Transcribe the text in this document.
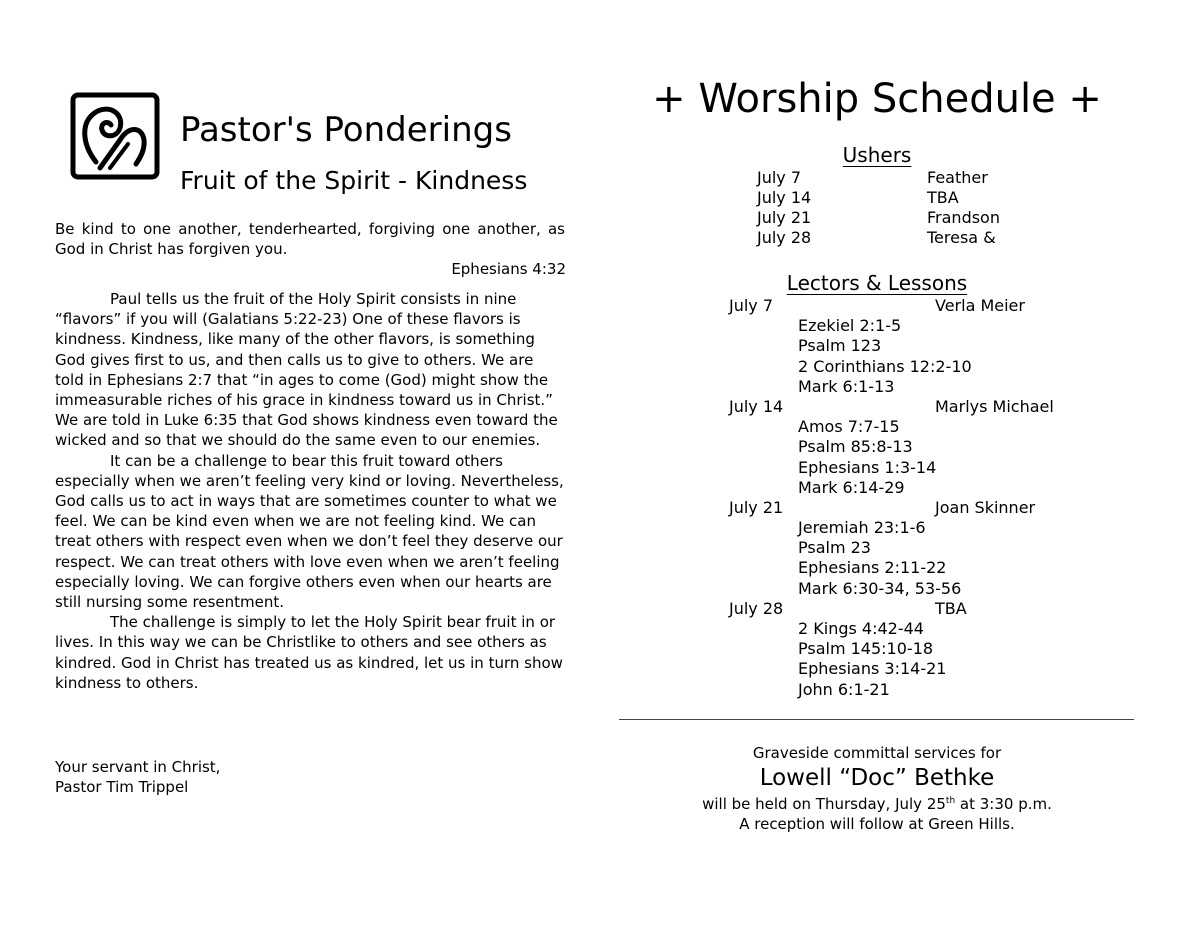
Pastor's Ponderings
Fruit of the Spirit - Kindness
Be kind to one another, tenderhearted, forgiving one another, as God in Christ has forgiven you.
Ephesians 4:32

Paul tells us the fruit of the Holy Spirit consists in nine “flavors” if you will (Galatians 5:22-23) One of these flavors is kindness. Kindness, like many of the other flavors, is something God gives first to us, and then calls us to give to others. We are told in Ephesians 2:7 that “in ages to come (God) might show the immeasurable riches of his grace in kindness toward us in Christ.” We are told in Luke 6:35 that God shows kindness even toward the wicked and so that we should do the same even to our enemies.

It can be a challenge to bear this fruit toward others especially when we aren’t feeling very kind or loving. Nevertheless, God calls us to act in ways that are sometimes counter to what we feel. We can be kind even when we are not feeling kind. We can treat others with respect even when we don’t feel they deserve our respect. We can treat others with love even when we aren’t feeling especially loving. We can forgive others even when our hearts are still nursing some resentment.

The challenge is simply to let the Holy Spirit bear fruit in or lives. In this way we can be Christlike to others and see others as kindred. God in Christ has treated us as kindred, let us in turn show kindness to others.

Your servant in Christ,
Pastor Tim Trippel
+ Worship Schedule +
Ushers
July 7	Feather
July 14	TBA
July 21	Frandson
July 28	Teresa &
Lectors & Lessons
July 7	Verla Meier
Ezekiel 2:1-5
Psalm 123
2 Corinthians 12:2-10
Mark 6:1-13
July 14	Marlys Michael
Amos 7:7-15
Psalm 85:8-13
Ephesians 1:3-14
Mark 6:14-29
July 21	Joan Skinner
Jeremiah 23:1-6
Psalm 23
Ephesians 2:11-22
Mark 6:30-34, 53-56
July 28	TBA
2 Kings 4:42-44
Psalm 145:10-18
Ephesians 3:14-21
John 6:1-21
Graveside committal services for
Lowell “Doc” Bethke
will be held on Thursday, July 25th at 3:30 p.m.
A reception will follow at Green Hills.
